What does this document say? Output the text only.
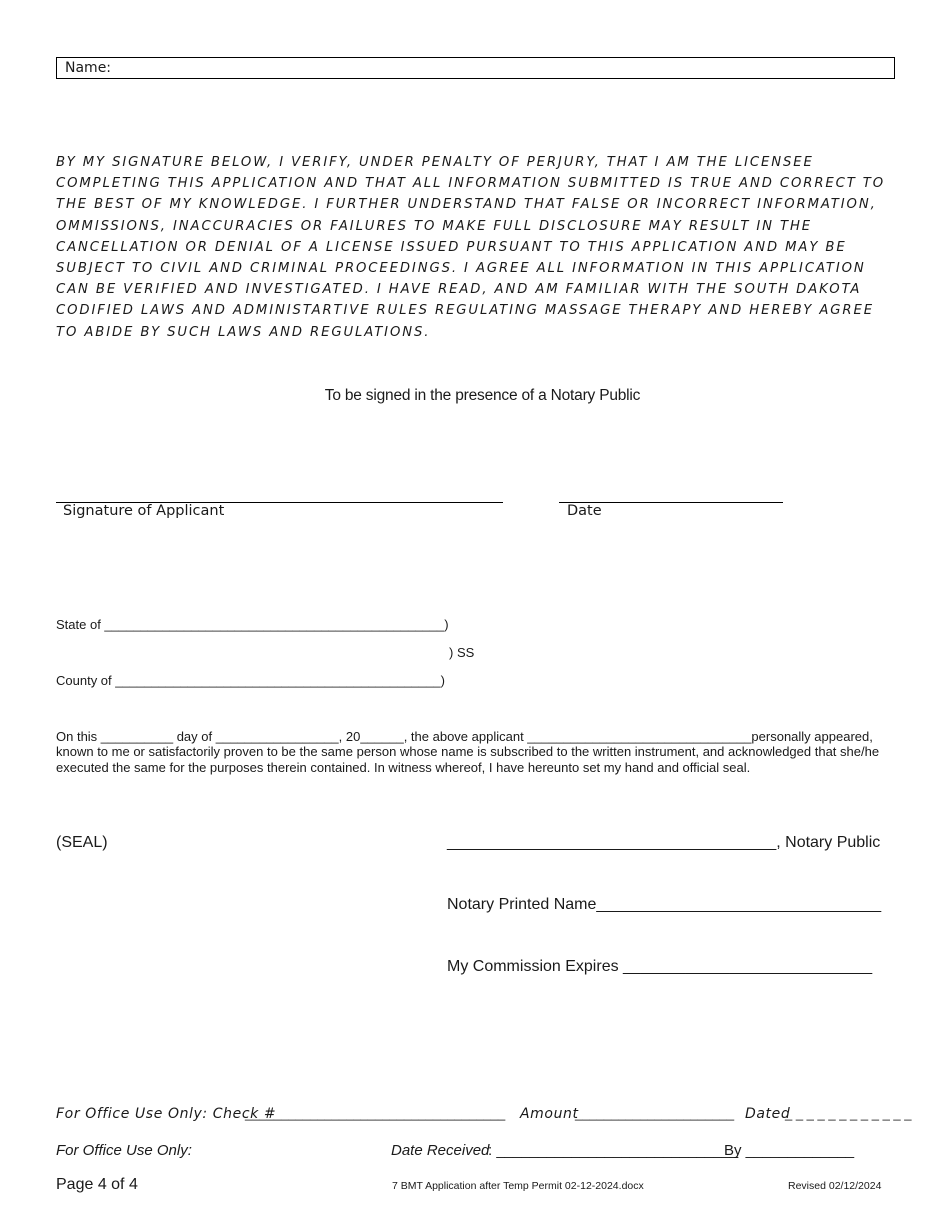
Name:
BY MY SIGNATURE BELOW, I VERIFY, UNDER PENALTY OF PERJURY, THAT I AM THE LICENSEE COMPLETING THIS APPLICATION AND THAT ALL INFORMATION SUBMITTED IS TRUE AND CORRECT TO THE BEST OF MY KNOWLEDGE. I FURTHER UNDERSTAND THAT FALSE OR INCORRECT INFORMATION, OMMISSIONS, INACCURACIES OR FAILURES TO MAKE FULL DISCLOSURE MAY RESULT IN THE CANCELLATION OR DENIAL OF A LICENSE ISSUED PURSUANT TO THIS APPLICATION AND MAY BE SUBJECT TO CIVIL AND CRIMINAL PROCEEDINGS. I AGREE ALL INFORMATION IN THIS APPLICATION CAN BE VERIFIED AND INVESTIGATED. I HAVE READ, AND AM FAMILIAR WITH THE SOUTH DAKOTA CODIFIED LAWS AND ADMINISTARTIVE RULES REGULATING MASSAGE THERAPY AND HEREBY AGREE TO ABIDE BY SUCH LAWS AND REGULATIONS.
To be signed in the presence of a Notary Public
Signature of Applicant	Date
State of _______________________________________________)
) SS
County of _____________________________________________)
On this __________ day of _________________, 20______, the above applicant _______________________________personally appeared, known to me or satisfactorily proven to be the same person whose name is subscribed to the written instrument, and acknowledged that she/he executed the same for the purposes therein contained. In witness whereof, I have hereunto set my hand and official seal.
(SEAL)	_____________________________________, Notary Public
Notary Printed Name________________________________
My Commission Expires ____________________________
For Office Use Only: Check #
____________________________________ Amount
______________________ Dated
_ _ _ _ _ _ _ _ _ _ _ _
For Office Use Only:	Date Received
: _____________________________
By _____________
Page 4 of 4	7 BMT Application after Temp Permit 02-12-2024.docx	Revised 02/12/2024
